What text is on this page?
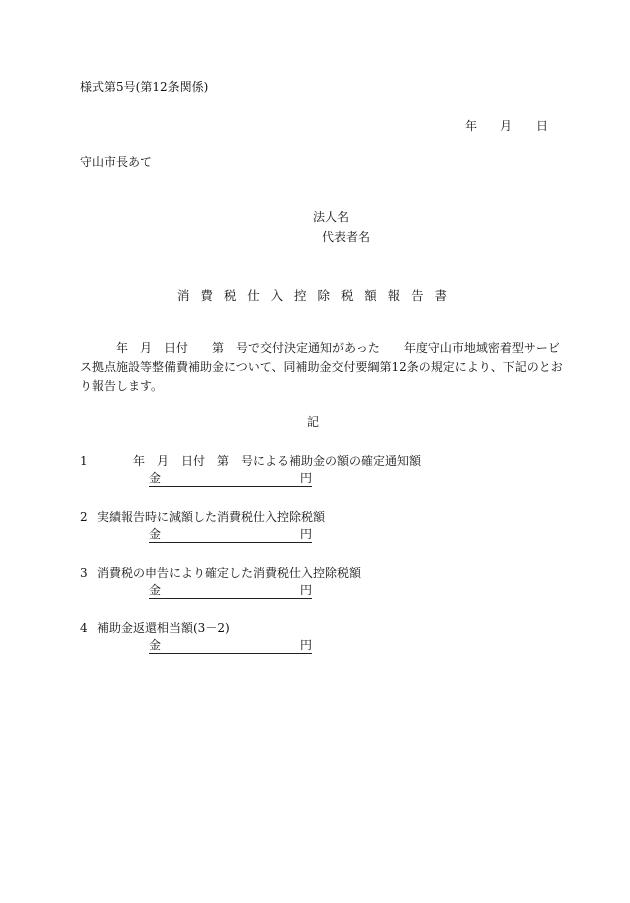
様式第5号(第12条関係)
年 月 日
守山市長あて
法人名
代表者名
消 費 税 仕 入 控 除 税 額 報 告 書
　　　年　月　日付　　第　号で交付決定通知があった　　年度守山市地域密着型サービ
ス拠点施設等整備費補助金について、同補助金交付要綱第12条の規定により、下記のとお
り報告します。
記
1 　　　年　月　日付　第　号による補助金の額の確定通知額
金	円
2 実績報告時に減額した消費税仕入控除税額
金	円
3 消費税の申告により確定した消費税仕入控除税額
金	円
4 補助金返還相当額(3－2)
金	円
